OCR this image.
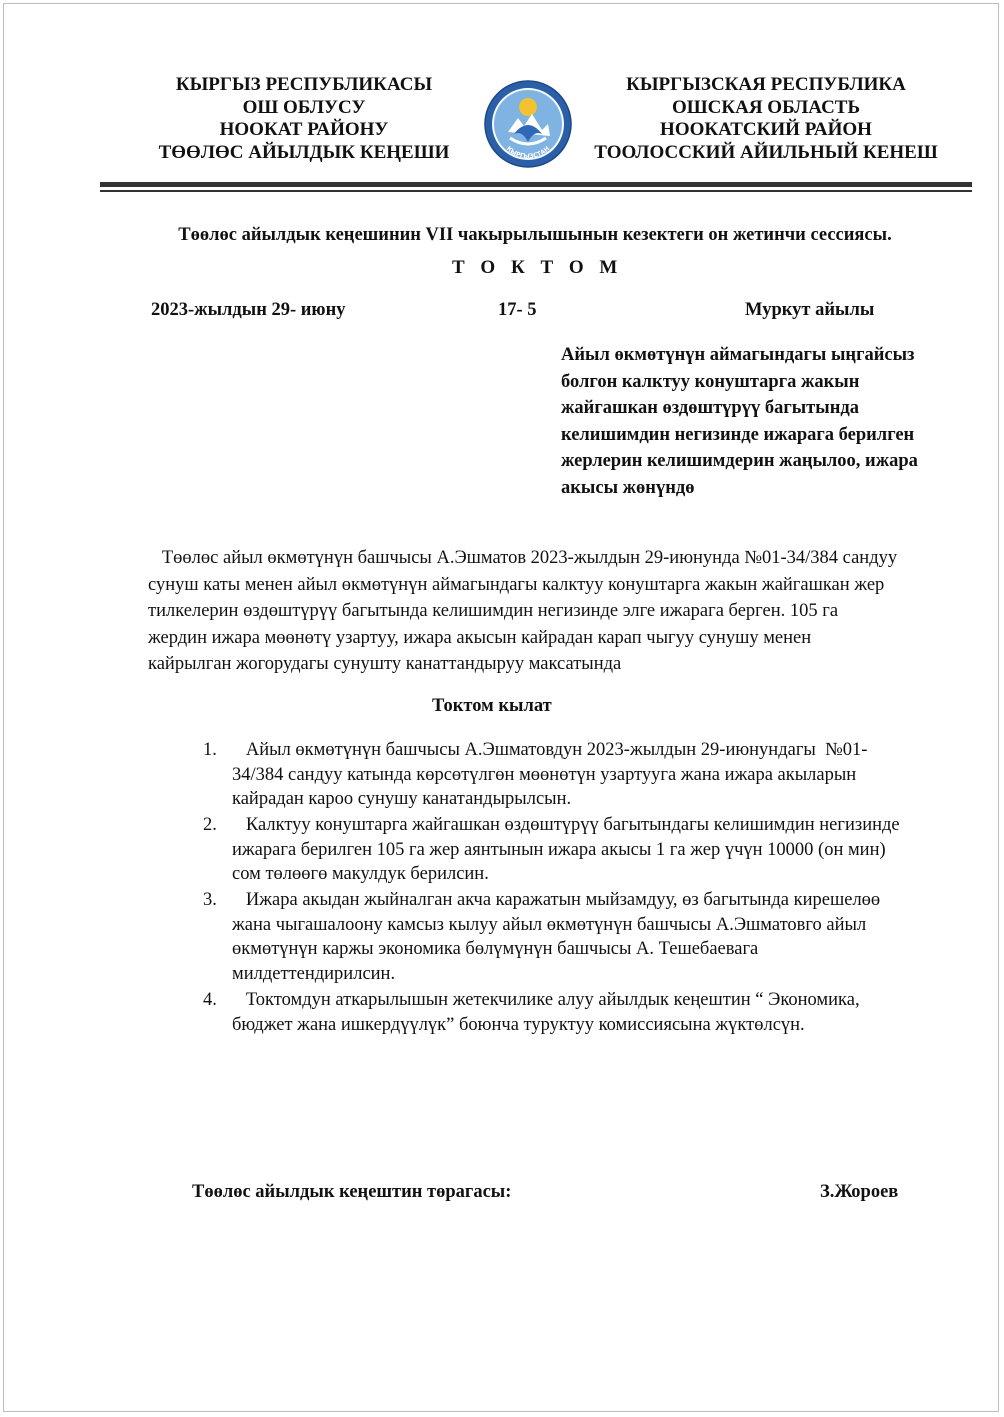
КЫРГЫЗ РЕСПУБЛИКАСЫ
ОШ ОБЛУСУ
НООКАТ РАЙОНУ
ТӨӨЛӨС АЙЫЛДЫК КЕҢЕШИ	КЫРГЫЗСТАН
КЫРГЫЗСКАЯ РЕСПУБЛИКА
ОШСКАЯ ОБЛАСТЬ
НООКАТСКИЙ РАЙОН
ТООЛОССКИЙ АЙИЛЬНЫЙ КЕНЕШ
Төөлөс айылдык кеңешинин VII чакырылышынын кезектеги он жетинчи сессиясы.
Т О К Т О М
2023-жылдын 29- июну	17- 5	Муркут айылы
Айыл өкмөтүнүн аймагындагы ыңгайсыз
болгон калктуу конуштарга жакын
жайгашкан өздөштүрүү багытында
келишимдин негизинде ижарага берилген
жерлерин келишимдерин жаңылоо, ижара
акысы жөнүндө
Төөлөс айыл өкмөтүнүн башчысы А.Эшматов 2023-жылдын 29-июнунда №01-34/384 сандуу
сунуш каты менен айыл өкмөтүнүн аймагындагы калктуу конуштарга жакын жайгашкан жер
тилкелерин өздөштүрүү багытында келишимдин негизинде элге ижарага берген. 105 га
жердин ижара мөөнөтү узартуу, ижара акысын кайрадан карап чыгуу сунушу менен
кайрылган жогорудагы сунушту канаттандыруу максатында
Токтом кылат
1. Айыл өкмөтүнүн башчысы А.Эшматовдун 2023-жылдын 29-июнундагы  №01-
34/384 сандуу катында көрсөтүлгөн мөөнөтүн узартууга жана ижара акыларын
кайрадан кароо сунушу канатандырылсын.
2. Калктуу конуштарга жайгашкан өздөштүрүү багытындагы келишимдин негизинде
ижарага берилген 105 га жер аянтынын ижара акысы 1 га жер үчүн 10000 (он мин)
сом төлөөгө макулдук берилсин.
3. Ижара акыдан жыйналган акча каражатын мыйзамдуу, өз багытында кирешелөө
жана чыгашалоону камсыз кылуу айыл өкмөтүнүн башчысы А.Эшматовго айыл
өкмөтүнүн каржы экономика бөлүмүнүн башчысы А. Тешебаевага
милдеттендирилсин.
4. Токтомдун аткарылышын жетекчилике алуу айылдык кеңештин “ Экономика,
бюджет жана ишкердүүлүк” боюнча туруктуу комиссиясына жүктөлсүн.
Төөлөс айылдык кеңештин төрагасы:	З.Жороев
